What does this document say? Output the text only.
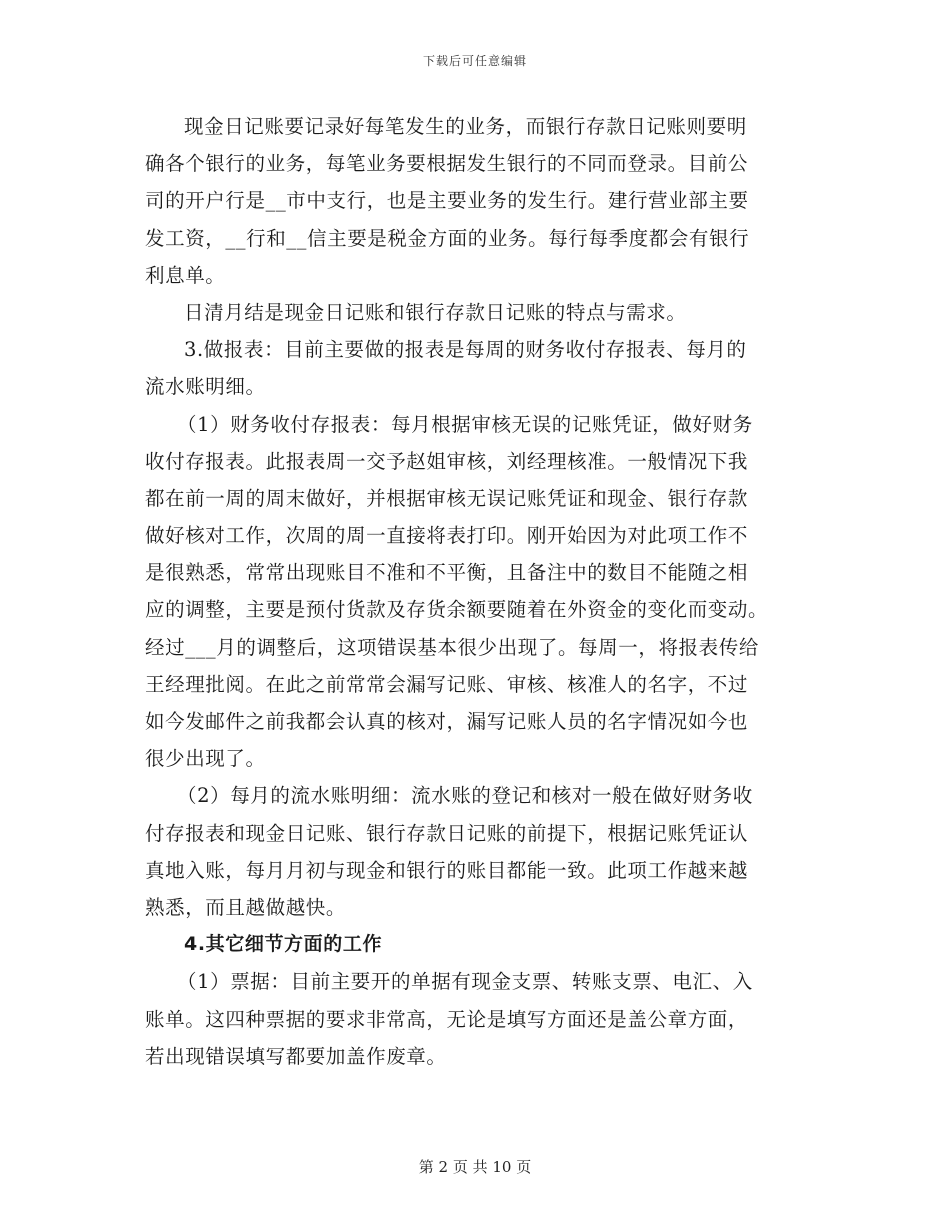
下载后可任意编辑
现金日记账要记录好每笔发生的业务，而银行存款日记账则要明
确各个银行的业务，每笔业务要根据发生银行的不同而登录。目前公
司的开户行是__市中支行，也是主要业务的发生行。建行营业部主要
发工资，__行和__信主要是税金方面的业务。每行每季度都会有银行
利息单。
日清月结是现金日记账和银行存款日记账的特点与需求。
3.做报表：目前主要做的报表是每周的财务收付存报表、每月的
流水账明细。
（1）财务收付存报表：每月根据审核无误的记账凭证，做好财务
收付存报表。此报表周一交予赵姐审核，刘经理核准。一般情况下我
都在前一周的周末做好，并根据审核无误记账凭证和现金、银行存款
做好核对工作，次周的周一直接将表打印。刚开始因为对此项工作不
是很熟悉，常常出现账目不准和不平衡，且备注中的数目不能随之相
应的调整，主要是预付货款及存货余额要随着在外资金的变化而变动。
经过___月的调整后，这项错误基本很少出现了。每周一，将报表传给
王经理批阅。在此之前常常会漏写记账、审核、核准人的名字，不过
如今发邮件之前我都会认真的核对，漏写记账人员的名字情况如今也
很少出现了。
（2）每月的流水账明细：流水账的登记和核对一般在做好财务收
付存报表和现金日记账、银行存款日记账的前提下，根据记账凭证认
真地入账，每月月初与现金和银行的账目都能一致。此项工作越来越
熟悉，而且越做越快。
4.其它细节方面的工作
（1）票据：目前主要开的单据有现金支票、转账支票、电汇、入
账单。这四种票据的要求非常高，无论是填写方面还是盖公章方面，
若出现错误填写都要加盖作废章。
第 2 页 共 10 页
